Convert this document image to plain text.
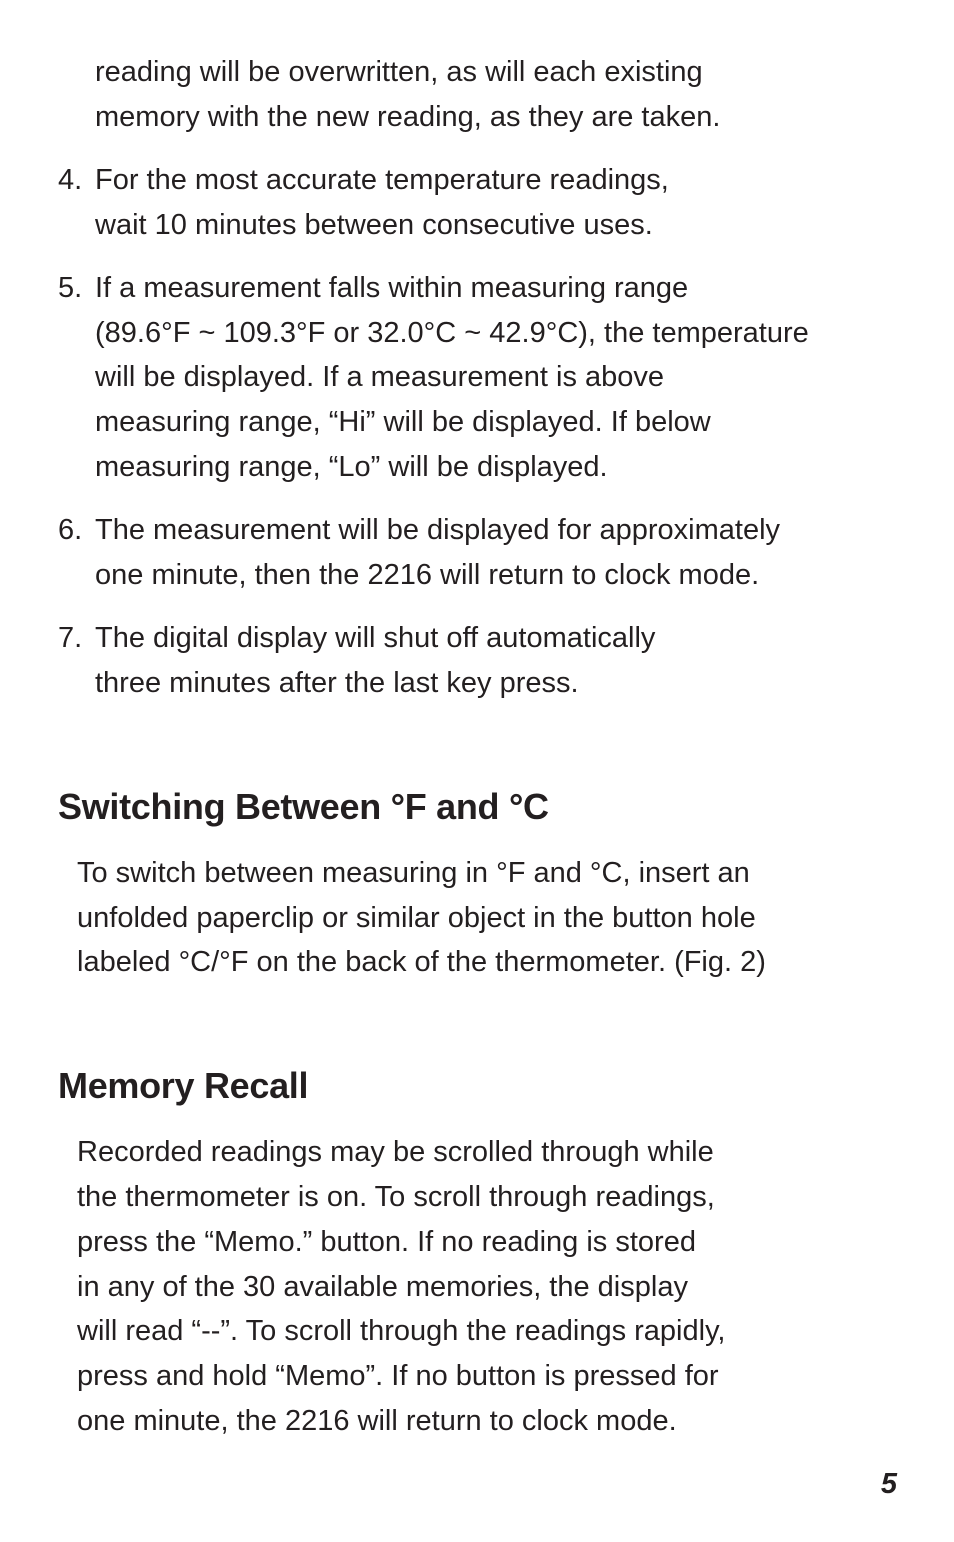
reading will be overwritten, as will each existing
memory with the new reading, as they are taken.
4. For the most accurate temperature readings,
wait 10 minutes between consecutive uses.
5. If a measurement falls within measuring range
(89.6°F ~ 109.3°F or 32.0°C ~ 42.9°C), the temperature
will be displayed. If a measurement is above
measuring range, “Hi” will be displayed. If below
measuring range, “Lo” will be displayed.
6. The measurement will be displayed for approximately
one minute, then the 2216 will return to clock mode.
7. The digital display will shut off automatically
three minutes after the last key press.
Switching Between °F and °C
To switch between measuring in °F and °C, insert an
unfolded paperclip or similar object in the button hole
labeled °C/°F on the back of the thermometer. (Fig. 2)
Memory Recall
Recorded readings may be scrolled through while
the thermometer is on. To scroll through readings,
press the “Memo.” button. If no reading is stored
in any of the 30 available memories, the display
will read “--”. To scroll through the readings rapidly,
press and hold “Memo”. If no button is pressed for
one minute, the 2216 will return to clock mode.
5
